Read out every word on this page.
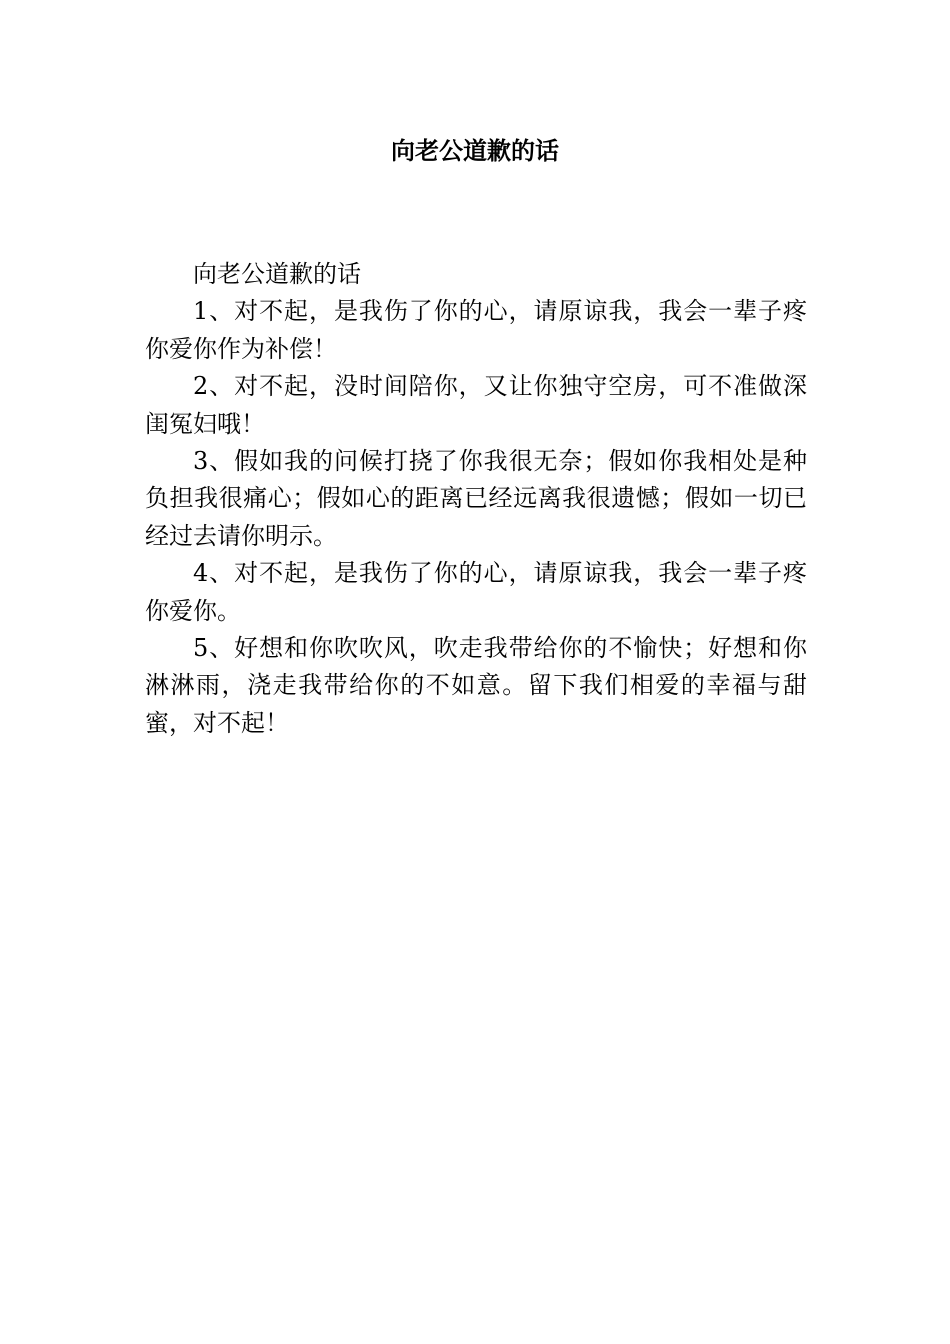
向老公道歉的话

向老公道歉的话

1、对不起，是我伤了你的心，请原谅我，我会一辈子疼你爱你作为补偿！

2、对不起，没时间陪你，又让你独守空房，可不准做深闺冤妇哦！

3、假如我的问候打挠了你我很无奈；假如你我相处是种负担我很痛心；假如心的距离已经远离我很遗憾；假如一切已经过去请你明示。

4、对不起，是我伤了你的心，请原谅我，我会一辈子疼你爱你。

5、好想和你吹吹风，吹走我带给你的不愉快；好想和你淋淋雨，浇走我带给你的不如意。留下我们相爱的幸福与甜蜜，对不起！
